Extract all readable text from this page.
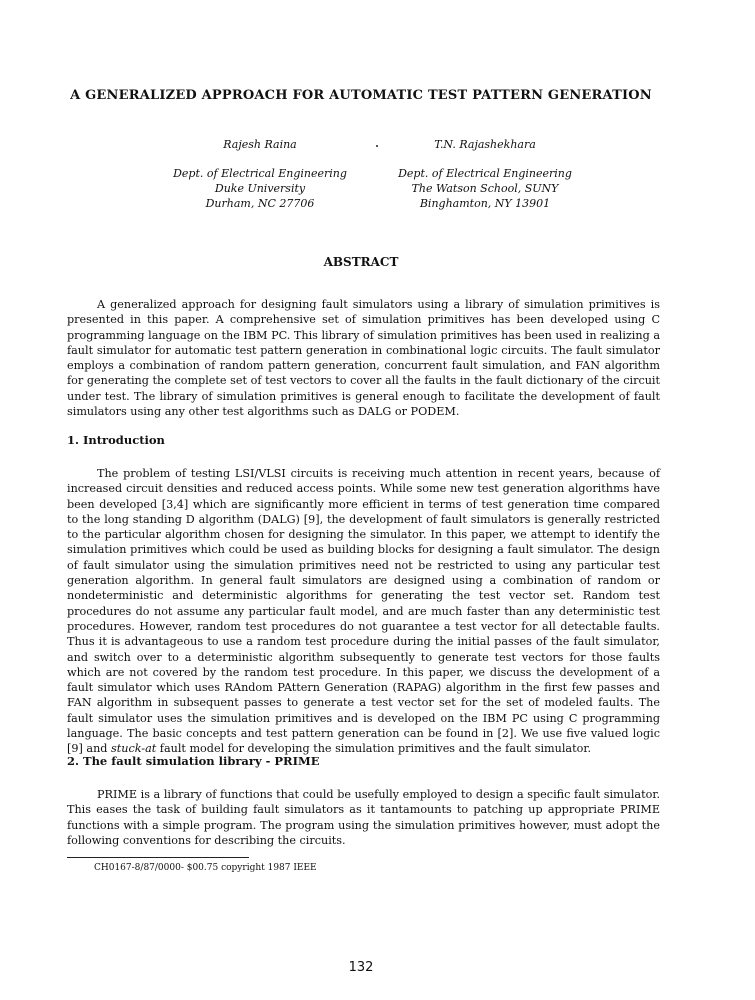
A GENERALIZED APPROACH FOR AUTOMATIC TEST PATTERN GENERATION
Rajesh Raina
Dept. of Electrical Engineering
Duke University
Durham, NC 27706
T.N. Rajashekhara
Dept. of Electrical Engineering
The Watson School, SUNY
Binghamton, NY 13901
ABSTRACT

A generalized approach for designing fault simulators using a library of simulation primitives is presented in this paper. A comprehensive set of simulation primitives has been developed using C programming language on the IBM PC. This library of simulation primitives has been used in realizing a fault simulator for automatic test pattern generation in combinational logic circuits. The fault simulator employs a combination of random pattern generation, concurrent fault simulation, and FAN algorithm for generating the complete set of test vectors to cover all the faults in the fault dictionary of the circuit under test. The library of simulation primitives is general enough to facilitate the development of fault simulators using any other test algorithms such as DALG or PODEM.

1. Introduction

The problem of testing LSI/VLSI circuits is receiving much attention in recent years, because of increased circuit densities and reduced access points. While some new test generation algorithms have been developed [3,4] which are significantly more efficient in terms of test generation time compared to the long standing D algorithm (DALG) [9], the development of fault simulators is generally restricted to the particular algorithm chosen for designing the simulator. In this paper, we attempt to identify the simulation primitives which could be used as building blocks for designing a fault simulator. The design of fault simulator using the simulation primitives need not be restricted to using any particular test generation algorithm. In general fault simulators are designed using a combination of random or nondeterministic and deterministic algorithms for generating the test vector set. Random test procedures do not assume any particular fault model, and are much faster than any deterministic test procedures. However, random test procedures do not guarantee a test vector for all detectable faults. Thus it is advantageous to use a random test procedure during the initial passes of the fault simulator, and switch over to a deterministic algorithm subsequently to generate test vectors for those faults which are not covered by the random test procedure. In this paper, we discuss the development of a fault simulator which uses RAndom PAttern Generation (RAPAG) algorithm in the first few passes and FAN algorithm in subsequent passes to generate a test vector set for the set of modeled faults. The fault simulator uses the simulation primitives and is developed on the IBM PC using C programming language. The basic concepts and test pattern generation can be found in [2]. We use five valued logic [9] and stuck-at fault model for developing the simulation primitives and the fault simulator.

2. The fault simulation library - PRIME

PRIME is a library of functions that could be usefully employed to design a specific fault simulator. This eases the task of building fault simulators as it tantamounts to patching up appropriate PRIME functions with a simple program. The program using the simulation primitives however, must adopt the following conventions for describing the circuits.

CH0167-8/87/0000- $00.75 copyright 1987 IEEE
132
